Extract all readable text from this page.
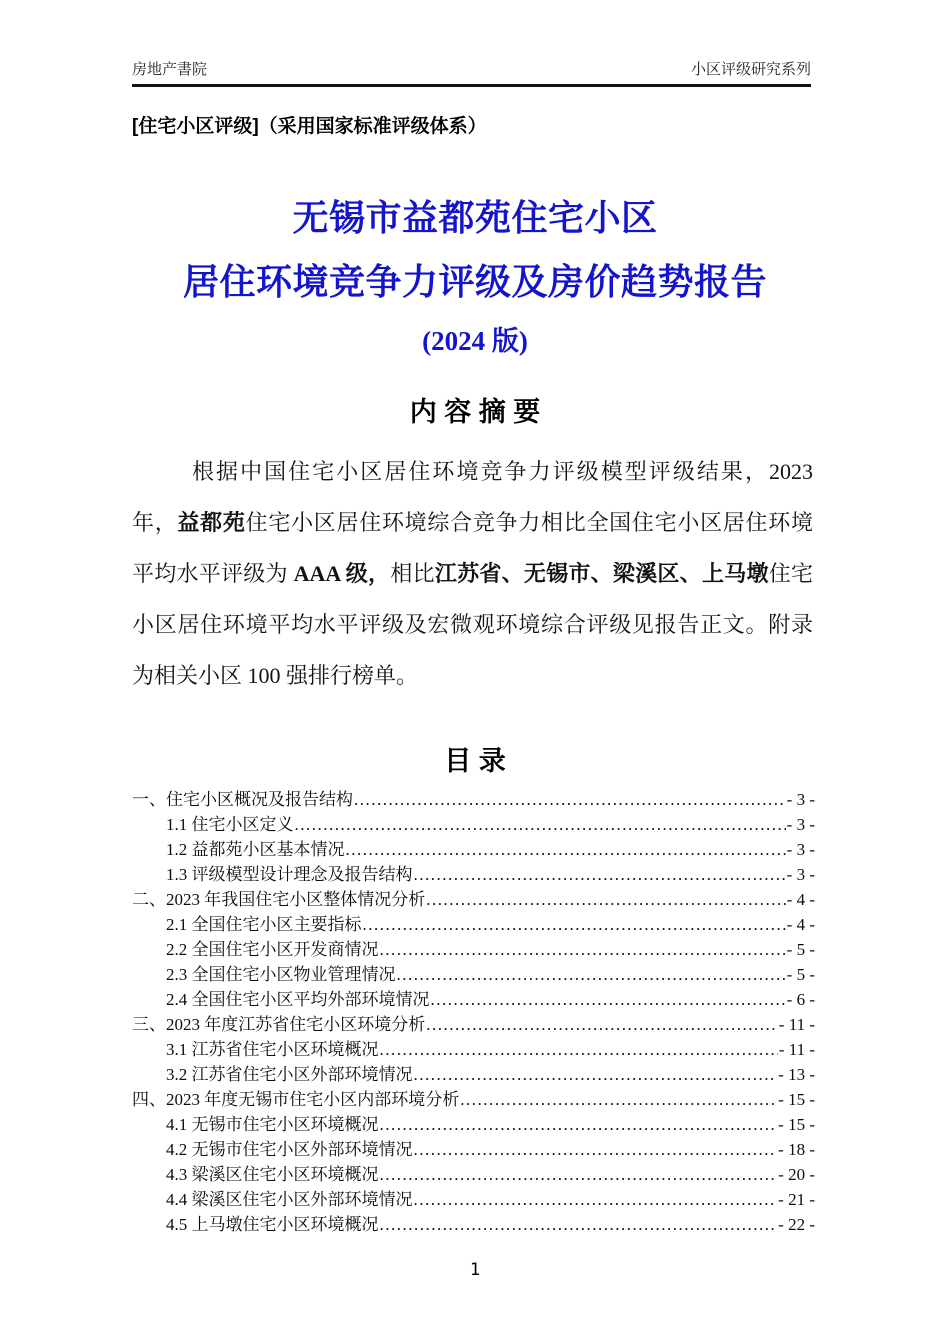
房地产書院	小区评级研究系列
[住宅小区评级]（采用国家标准评级体系）
无锡市益都苑住宅小区
居住环境竞争力评级及房价趋势报告
(2024 版)
内 容 摘 要

根据中国住宅小区居住环境竞争力评级模型评级结果，2023 年，益都苑住宅小区居住环境综合竞争力相比全国住宅小区居住环境平均水平评级为 AAA 级，相比江苏省、无锡市、梁溪区、上马墩住宅小区居住环境平均水平评级及宏微观环境综合评级见报告正文。附录为相关小区 100 强排行榜单。

目 录
一、住宅小区概况及报告结构 .....	- 3 -
1.1 住宅小区定义 .....	- 3 -
1.2 益都苑小区基本情况 .....	- 3 -
1.3 评级模型设计理念及报告结构 .....	- 3 -
二、2023 年我国住宅小区整体情况分析 .....	- 4 -
2.1 全国住宅小区主要指标 .....	- 4 -
2.2 全国住宅小区开发商情况 .....	- 5 -
2.3 全国住宅小区物业管理情况 .....	- 5 -
2.4 全国住宅小区平均外部环境情况 .....	- 6 -
三、2023 年度江苏省住宅小区环境分析 .....	- 11 -
3.1 江苏省住宅小区环境概况 .....	- 11 -
3.2 江苏省住宅小区外部环境情况 .....	- 13 -
四、2023 年度无锡市住宅小区内部环境分析 .....	- 15 -
4.1 无锡市住宅小区环境概况 .....	- 15 -
4.2 无锡市住宅小区外部环境情况 .....	- 18 -
4.3 梁溪区住宅小区环境概况 .....	- 20 -
4.4 梁溪区住宅小区外部环境情况 .....	- 21 -
4.5 上马墩住宅小区环境概况 .....	- 22 -
1
